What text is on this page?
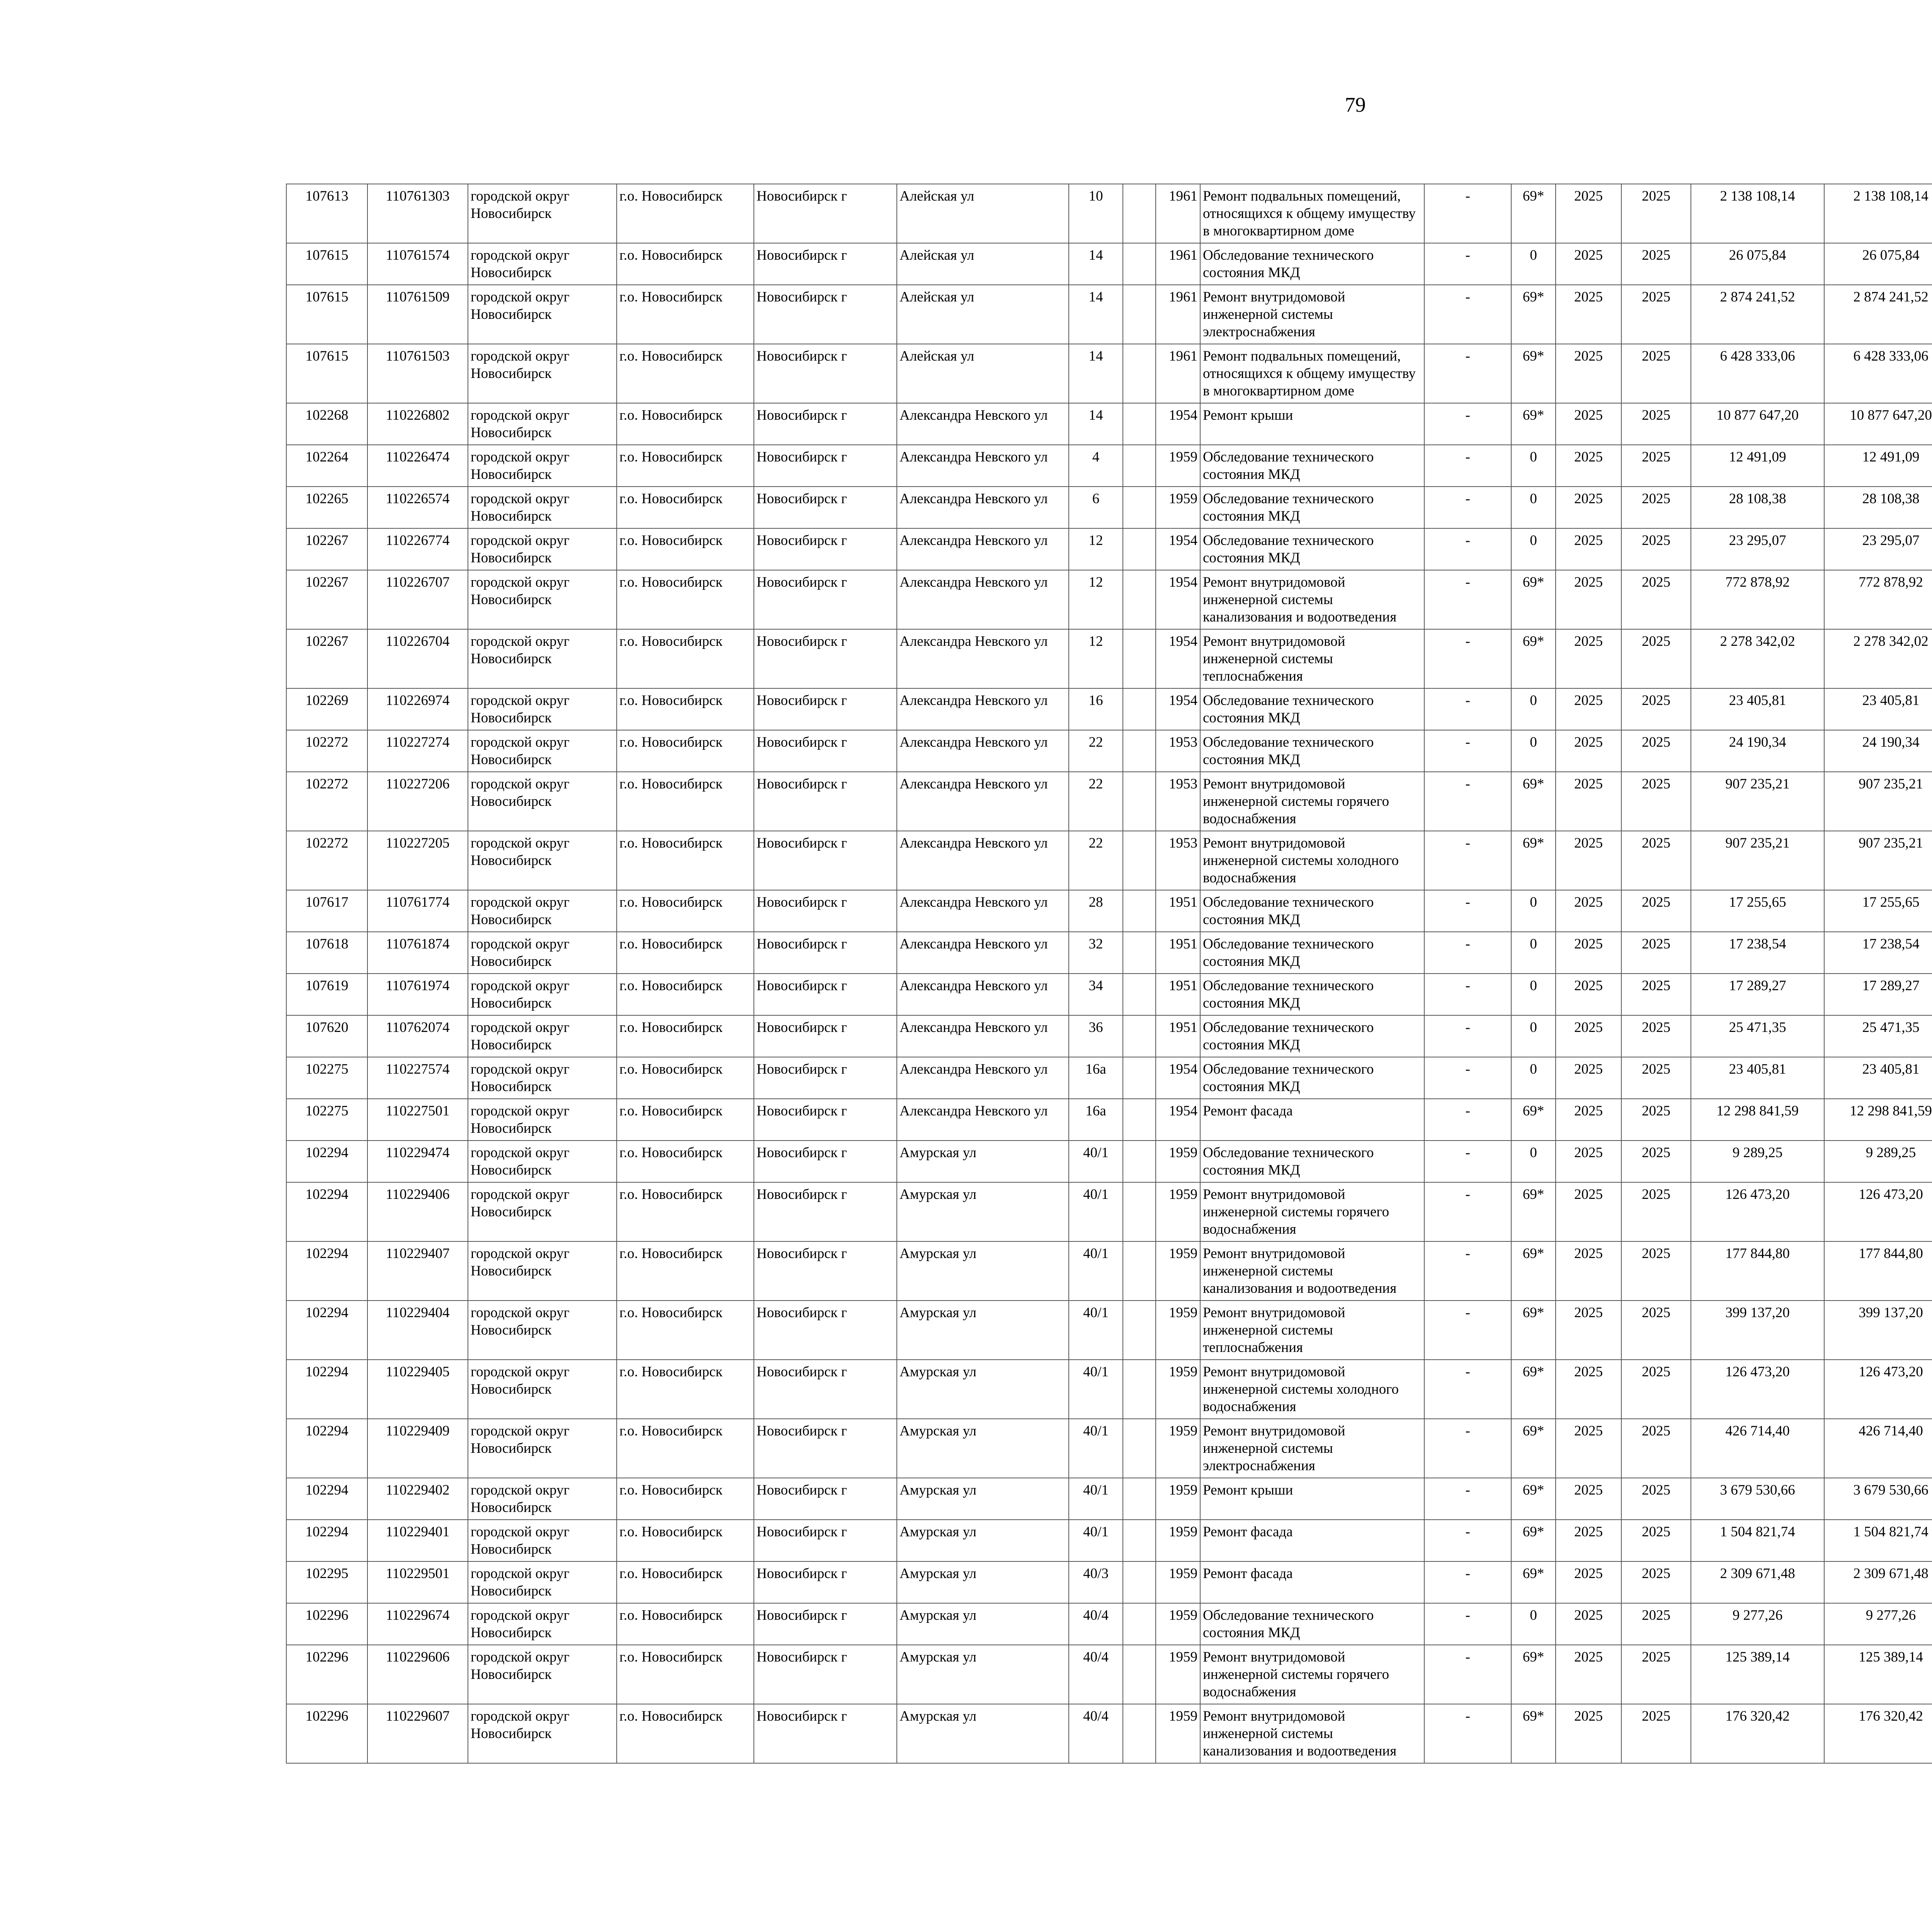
79
107613	110761303	городской округ Новосибирск	г.о. Новосибирск	Новосибирск г	Алейская ул	10		1961	Ремонт подвальных помещений, относящихся к общему имуществу в многоквартирном доме	-	69*	2025	2025	2 138 108,14	2 138 108,14						
107615	110761574	городской округ Новосибирск	г.о. Новосибирск	Новосибирск г	Алейская ул	14		1961	Обследование технического состояния МКД	-	0	2025	2025	26 075,84	26 075,84						
107615	110761509	городской округ Новосибирск	г.о. Новосибирск	Новосибирск г	Алейская ул	14		1961	Ремонт внутридомовой инженерной системы электроснабжения	-	69*	2025	2025	2 874 241,52	2 874 241,52						
107615	110761503	городской округ Новосибирск	г.о. Новосибирск	Новосибирск г	Алейская ул	14		1961	Ремонт подвальных помещений, относящихся к общему имуществу в многоквартирном доме	-	69*	2025	2025	6 428 333,06	6 428 333,06						
102268	110226802	городской округ Новосибирск	г.о. Новосибирск	Новосибирск г	Александра Невского ул	14		1954	Ремонт крыши	-	69*	2025	2025	10 877 647,20	10 877 647,20						
102264	110226474	городской округ Новосибирск	г.о. Новосибирск	Новосибирск г	Александра Невского ул	4		1959	Обследование технического состояния МКД	-	0	2025	2025	12 491,09	12 491,09						
102265	110226574	городской округ Новосибирск	г.о. Новосибирск	Новосибирск г	Александра Невского ул	6		1959	Обследование технического состояния МКД	-	0	2025	2025	28 108,38	28 108,38						
102267	110226774	городской округ Новосибирск	г.о. Новосибирск	Новосибирск г	Александра Невского ул	12		1954	Обследование технического состояния МКД	-	0	2025	2025	23 295,07	23 295,07						
102267	110226707	городской округ Новосибирск	г.о. Новосибирск	Новосибирск г	Александра Невского ул	12		1954	Ремонт внутридомовой инженерной системы канализования и водоотведения	-	69*	2025	2025	772 878,92	772 878,92						
102267	110226704	городской округ Новосибирск	г.о. Новосибирск	Новосибирск г	Александра Невского ул	12		1954	Ремонт внутридомовой инженерной системы теплоснабжения	-	69*	2025	2025	2 278 342,02	2 278 342,02						
102269	110226974	городской округ Новосибирск	г.о. Новосибирск	Новосибирск г	Александра Невского ул	16		1954	Обследование технического состояния МКД	-	0	2025	2025	23 405,81	23 405,81						
102272	110227274	городской округ Новосибирск	г.о. Новосибирск	Новосибирск г	Александра Невского ул	22		1953	Обследование технического состояния МКД	-	0	2025	2025	24 190,34	24 190,34						
102272	110227206	городской округ Новосибирск	г.о. Новосибирск	Новосибирск г	Александра Невского ул	22		1953	Ремонт внутридомовой инженерной системы горячего водоснабжения	-	69*	2025	2025	907 235,21	907 235,21						
102272	110227205	городской округ Новосибирск	г.о. Новосибирск	Новосибирск г	Александра Невского ул	22		1953	Ремонт внутридомовой инженерной системы холодного водоснабжения	-	69*	2025	2025	907 235,21	907 235,21						
107617	110761774	городской округ Новосибирск	г.о. Новосибирск	Новосибирск г	Александра Невского ул	28		1951	Обследование технического состояния МКД	-	0	2025	2025	17 255,65	17 255,65						
107618	110761874	городской округ Новосибирск	г.о. Новосибирск	Новосибирск г	Александра Невского ул	32		1951	Обследование технического состояния МКД	-	0	2025	2025	17 238,54	17 238,54						
107619	110761974	городской округ Новосибирск	г.о. Новосибирск	Новосибирск г	Александра Невского ул	34		1951	Обследование технического состояния МКД	-	0	2025	2025	17 289,27	17 289,27						
107620	110762074	городской округ Новосибирск	г.о. Новосибирск	Новосибирск г	Александра Невского ул	36		1951	Обследование технического состояния МКД	-	0	2025	2025	25 471,35	25 471,35						
102275	110227574	городской округ Новосибирск	г.о. Новосибирск	Новосибирск г	Александра Невского ул	16а		1954	Обследование технического состояния МКД	-	0	2025	2025	23 405,81	23 405,81						
102275	110227501	городской округ Новосибирск	г.о. Новосибирск	Новосибирск г	Александра Невского ул	16а		1954	Ремонт фасада	-	69*	2025	2025	12 298 841,59	12 298 841,59						
102294	110229474	городской округ Новосибирск	г.о. Новосибирск	Новосибирск г	Амурская ул	40/1		1959	Обследование технического состояния МКД	-	0	2025	2025	9 289,25	9 289,25						
102294	110229406	городской округ Новосибирск	г.о. Новосибирск	Новосибирск г	Амурская ул	40/1		1959	Ремонт внутридомовой инженерной системы горячего водоснабжения	-	69*	2025	2025	126 473,20	126 473,20						
102294	110229407	городской округ Новосибирск	г.о. Новосибирск	Новосибирск г	Амурская ул	40/1		1959	Ремонт внутридомовой инженерной системы канализования и водоотведения	-	69*	2025	2025	177 844,80	177 844,80						
102294	110229404	городской округ Новосибирск	г.о. Новосибирск	Новосибирск г	Амурская ул	40/1		1959	Ремонт внутридомовой инженерной системы теплоснабжения	-	69*	2025	2025	399 137,20	399 137,20						
102294	110229405	городской округ Новосибирск	г.о. Новосибирск	Новосибирск г	Амурская ул	40/1		1959	Ремонт внутридомовой инженерной системы холодного водоснабжения	-	69*	2025	2025	126 473,20	126 473,20						
102294	110229409	городской округ Новосибирск	г.о. Новосибирск	Новосибирск г	Амурская ул	40/1		1959	Ремонт внутридомовой инженерной системы электроснабжения	-	69*	2025	2025	426 714,40	426 714,40						
102294	110229402	городской округ Новосибирск	г.о. Новосибирск	Новосибирск г	Амурская ул	40/1		1959	Ремонт крыши	-	69*	2025	2025	3 679 530,66	3 679 530,66						
102294	110229401	городской округ Новосибирск	г.о. Новосибирск	Новосибирск г	Амурская ул	40/1		1959	Ремонт фасада	-	69*	2025	2025	1 504 821,74	1 504 821,74						
102295	110229501	городской округ Новосибирск	г.о. Новосибирск	Новосибирск г	Амурская ул	40/3		1959	Ремонт фасада	-	69*	2025	2025	2 309 671,48	2 309 671,48						
102296	110229674	городской округ Новосибирск	г.о. Новосибирск	Новосибирск г	Амурская ул	40/4		1959	Обследование технического состояния МКД	-	0	2025	2025	9 277,26	9 277,26						
102296	110229606	городской округ Новосибирск	г.о. Новосибирск	Новосибирск г	Амурская ул	40/4		1959	Ремонт внутридомовой инженерной системы горячего водоснабжения	-	69*	2025	2025	125 389,14	125 389,14						
102296	110229607	городской округ Новосибирск	г.о. Новосибирск	Новосибирск г	Амурская ул	40/4		1959	Ремонт внутридомовой инженерной системы канализования и водоотведения	-	69*	2025	2025	176 320,42	176 320,42						
